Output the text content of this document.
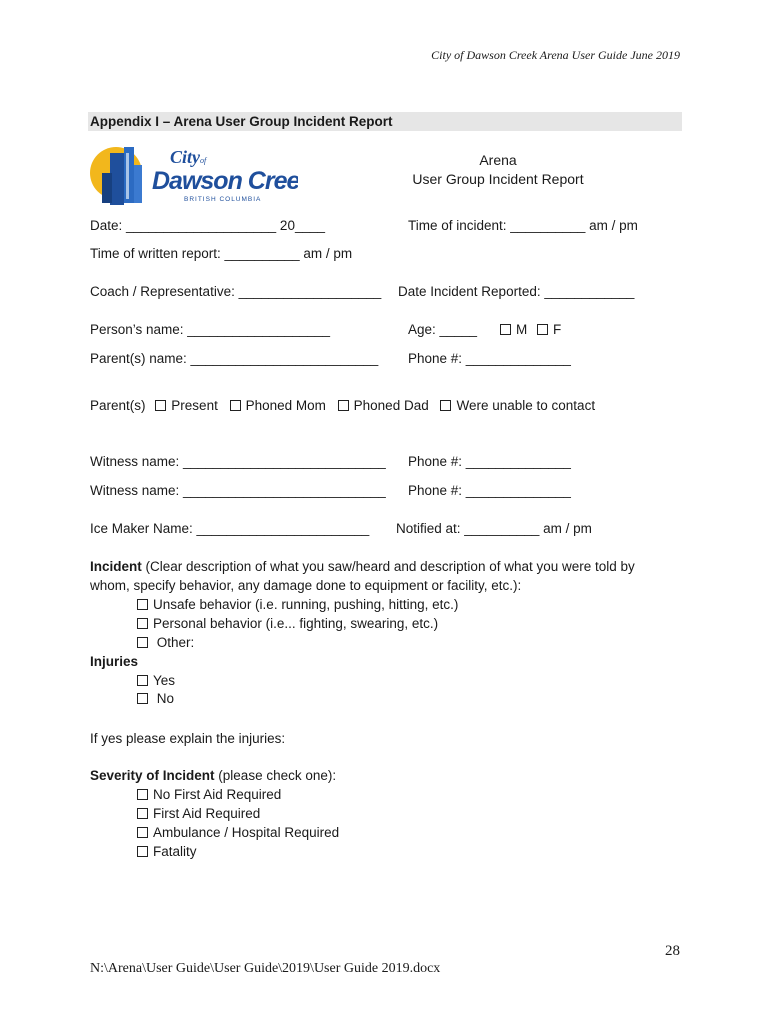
City of Dawson Creek Arena User Guide June 2019
Appendix I – Arena User Group Incident Report
City of
Dawson Creek
BRITISH COLUMBIA
Arena
User Group Incident Report
Date: ____________________ 20____	Time of incident: __________ am / pm
Time of written report: __________ am / pm
Coach / Representative: ___________________ Date Incident Reported: ____________
Person’s name: ___________________	Age: _____	M	F
Parent(s) name: _________________________ Phone #: ______________
Parent(s) Present Phoned Mom Phoned Dad Were unable to contact
Witness name: ___________________________ Phone #: ______________
Witness name: ___________________________ Phone #: ______________
Ice Maker Name: _______________________ Notified at: __________ am / pm
Incident (Clear description of what you saw/heard and description of what you were told by
whom, specify behavior, any damage done to equipment or facility, etc.):
Unsafe behavior (i.e. running, pushing, hitting, etc.)
Personal behavior (i.e... fighting, swearing, etc.)
Other:
Injuries
Yes
No
If yes please explain the injuries:
Severity of Incident (please check one):
No First Aid Required
First Aid Required
Ambulance / Hospital Required
Fatality
28
N:\Arena\User Guide\User Guide\2019\User Guide 2019.docx
